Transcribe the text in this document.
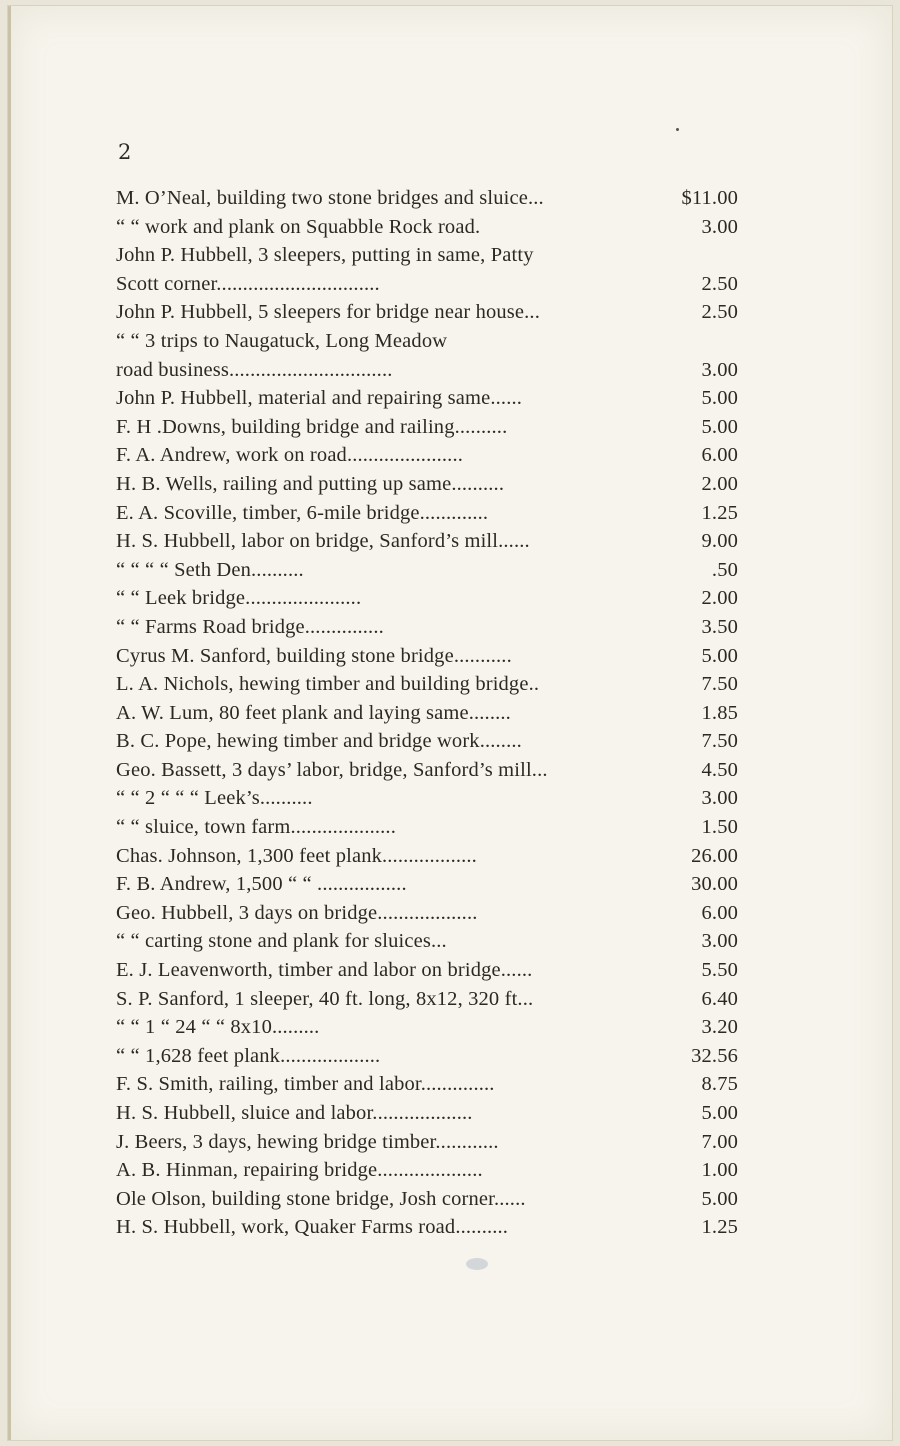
2
M. O’Neal, building two stone bridges and sluice...	$11.00
“ “ work and plank on Squabble Rock road.	3.00
John P. Hubbell, 3 sleepers, putting in same, Patty
Scott corner...............................	2.50
John P. Hubbell, 5 sleepers for bridge near house...	2.50
“ “ 3 trips to Naugatuck, Long Meadow
road business...............................	3.00
John P. Hubbell, material and repairing same......	5.00
F. H .Downs, building bridge and railing..........	5.00
F. A. Andrew, work on road......................	6.00
H. B. Wells, railing and putting up same..........	2.00
E. A. Scoville, timber, 6-mile bridge.............	1.25
H. S. Hubbell, labor on bridge, Sanford’s mill......	9.00
“ “ “ “ Seth Den..........	.50
“ “ Leek bridge......................	2.00
“ “ Farms Road bridge...............	3.50
Cyrus M. Sanford, building stone bridge...........	5.00
L. A. Nichols, hewing timber and building bridge..	7.50
A. W. Lum, 80 feet plank and laying same........	1.85
B. C. Pope, hewing timber and bridge work........	7.50
Geo. Bassett, 3 days’ labor, bridge, Sanford’s mill...	4.50
“ “ 2 “ “ “ Leek’s..........	3.00
“ “ sluice, town farm....................	1.50
Chas. Johnson, 1,300 feet plank..................	26.00
F. B. Andrew, 1,500 “ “ .................	30.00
Geo. Hubbell, 3 days on bridge...................	6.00
“ “ carting stone and plank for sluices...	3.00
E. J. Leavenworth, timber and labor on bridge......	5.50
S. P. Sanford, 1 sleeper, 40 ft. long, 8x12, 320 ft...	6.40
“ “ 1 “ 24 “ “ 8x10.........	3.20
“ “ 1,628 feet plank...................	32.56
F. S. Smith, railing, timber and labor..............	8.75
H. S. Hubbell, sluice and labor...................	5.00
J. Beers, 3 days, hewing bridge timber............	7.00
A. B. Hinman, repairing bridge....................	1.00
Ole Olson, building stone bridge, Josh corner......	5.00
H. S. Hubbell, work, Quaker Farms road..........	1.25
